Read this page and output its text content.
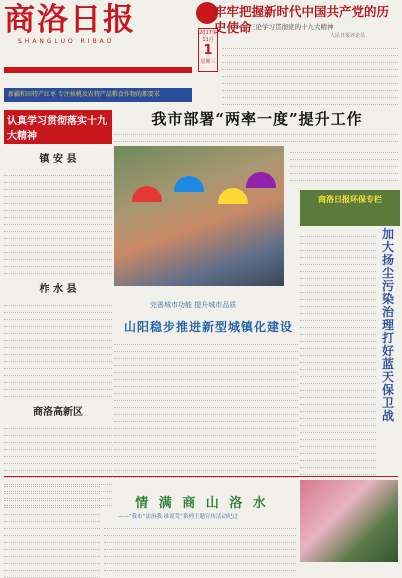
商洛日报
SHANGLUO RIBAO
2017年11月
1
星期三
牢牢把握新时代中国共产党的历史使命
——三论学习贯彻党的十九大精神
人民日报评论员
新疆和田特产红枣 专注核桃及农特产品粮食作物的都要求
认真学习贯彻落实十九大精神
镇 安 县
柞 水 县
商洛高新区
我市部署“两率一度”提升工作
商洛日报环保专栏
加大扬尘污染治理 打好蓝天保卫战
完善城市功能 提升城市品质
山阳稳步推进新型城镇化建设
情 满 商 山 洛 水
——"我市“法治我·谁说荒”系列主题宣传活动纪过
